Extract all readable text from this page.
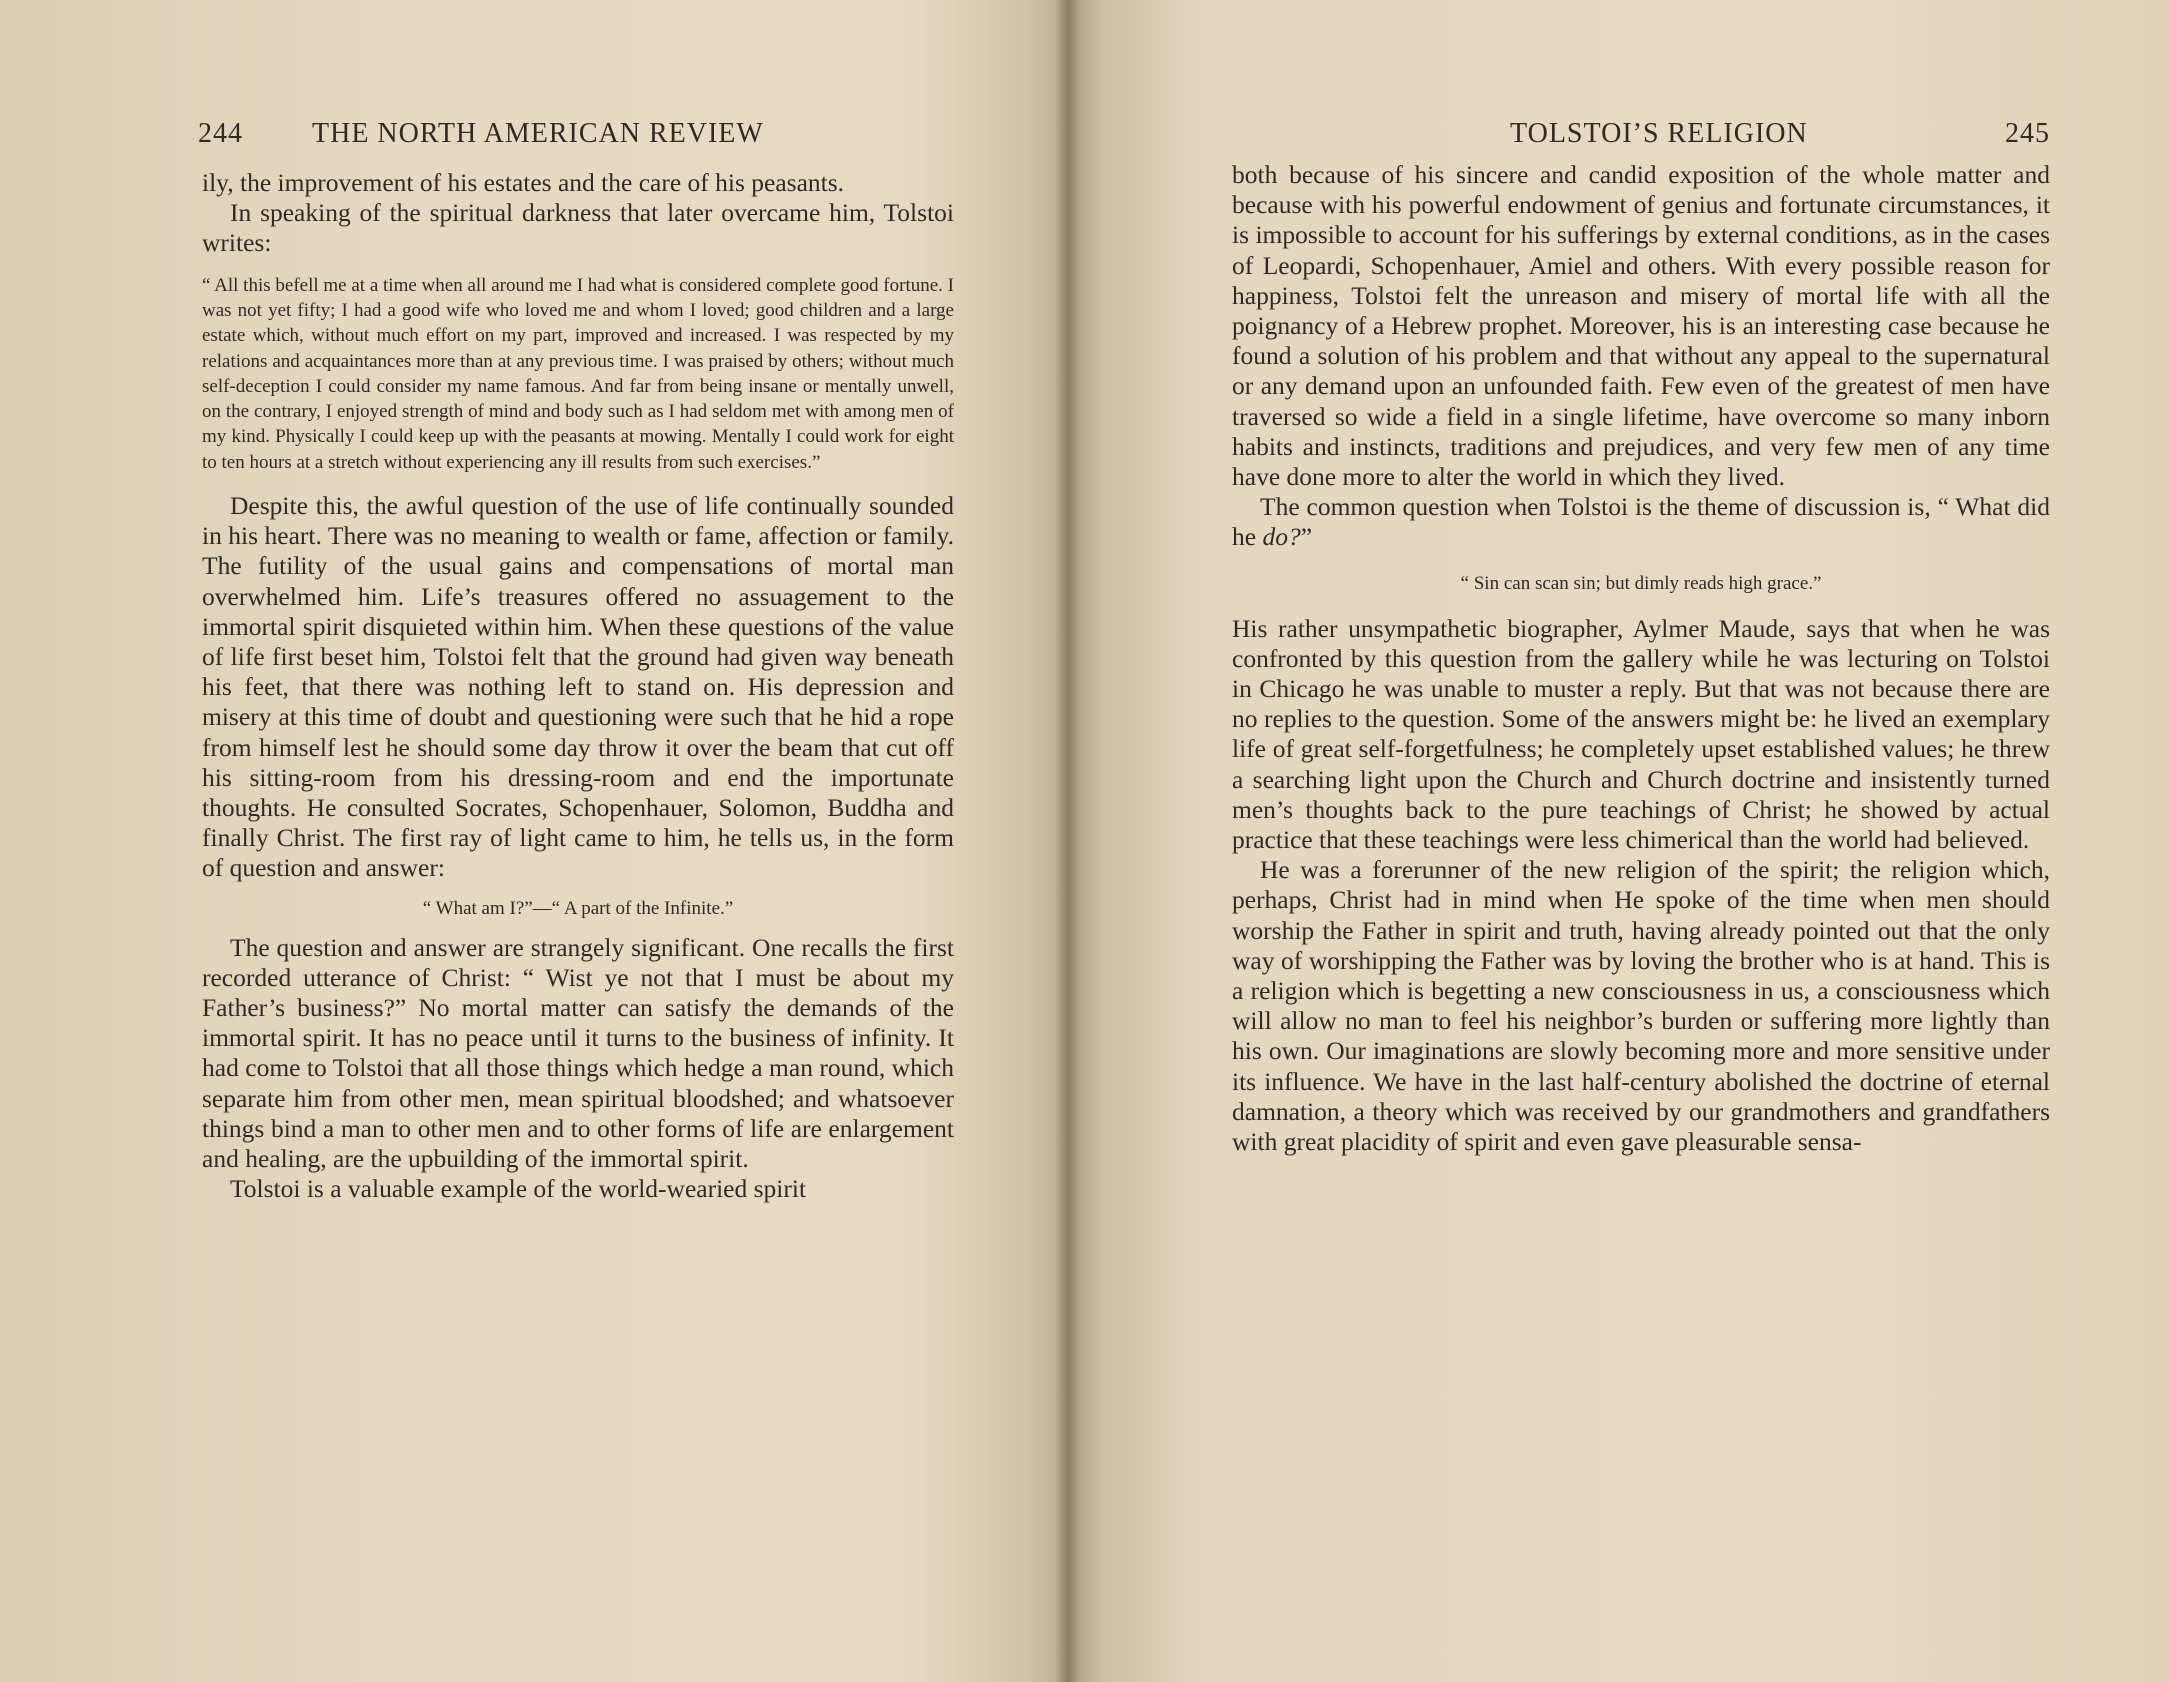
244 THE NORTH AMERICAN REVIEW

ily, the improvement of his estates and the care of his peasants.

In speaking of the spiritual darkness that later overcame him, Tolstoi writes:

“ All this befell me at a time when all around me I had what is considered complete good fortune. I was not yet fifty; I had a good wife who loved me and whom I loved; good children and a large estate which, without much effort on my part, improved and increased. I was respected by my relations and acquaintances more than at any previous time. I was praised by others; without much self-deception I could consider my name famous. And far from being insane or mentally unwell, on the contrary, I enjoyed strength of mind and body such as I had seldom met with among men of my kind. Physically I could keep up with the peasants at mowing. Mentally I could work for eight to ten hours at a stretch without experiencing any ill results from such exercises.”

Despite this, the awful question of the use of life continually sounded in his heart. There was no meaning to wealth or fame, affection or family. The futility of the usual gains and compensations of mortal man overwhelmed him. Life’s treasures offered no assuagement to the immortal spirit disquieted within him. When these questions of the value of life first beset him, Tolstoi felt that the ground had given way beneath his feet, that there was nothing left to stand on. His depression and misery at this time of doubt and questioning were such that he hid a rope from himself lest he should some day throw it over the beam that cut off his sitting-room from his dressing-room and end the importunate thoughts. He consulted Socrates, Schopenhauer, Solomon, Buddha and finally Christ. The first ray of light came to him, he tells us, in the form of question and answer:

“ What am I?”—“ A part of the Infinite.”

The question and answer are strangely significant. One recalls the first recorded utterance of Christ: “ Wist ye not that I must be about my Father’s business?” No mortal matter can satisfy the demands of the immortal spirit. It has no peace until it turns to the business of infinity. It had come to Tolstoi that all those things which hedge a man round, which separate him from other men, mean spiritual bloodshed; and whatsoever things bind a man to other men and to other forms of life are enlargement and healing, are the upbuilding of the immortal spirit.

Tolstoi is a valuable example of the world-wearied spirit

TOLSTOI’S RELIGION	245

both because of his sincere and candid exposition of the whole matter and because with his powerful endowment of genius and fortunate circumstances, it is impossible to account for his sufferings by external conditions, as in the cases of Leopardi, Schopenhauer, Amiel and others. With every possible reason for happiness, Tolstoi felt the unreason and misery of mortal life with all the poignancy of a Hebrew prophet. Moreover, his is an interesting case because he found a solution of his problem and that without any appeal to the supernatural or any demand upon an unfounded faith. Few even of the greatest of men have traversed so wide a field in a single lifetime, have overcome so many inborn habits and instincts, traditions and prejudices, and very few men of any time have done more to alter the world in which they lived.

The common question when Tolstoi is the theme of discussion is, “ What did he do?”

“ Sin can scan sin; but dimly reads high grace.”

His rather unsympathetic biographer, Aylmer Maude, says that when he was confronted by this question from the gallery while he was lecturing on Tolstoi in Chicago he was unable to muster a reply. But that was not because there are no replies to the question. Some of the answers might be: he lived an exemplary life of great self-forgetfulness; he completely upset established values; he threw a searching light upon the Church and Church doctrine and insistently turned men’s thoughts back to the pure teachings of Christ; he showed by actual practice that these teachings were less chimerical than the world had believed.

He was a forerunner of the new religion of the spirit; the religion which, perhaps, Christ had in mind when He spoke of the time when men should worship the Father in spirit and truth, having already pointed out that the only way of worshipping the Father was by loving the brother who is at hand. This is a religion which is begetting a new consciousness in us, a consciousness which will allow no man to feel his neighbor’s burden or suffering more lightly than his own. Our imaginations are slowly becoming more and more sensitive under its influence. We have in the last half-century abolished the doctrine of eternal damnation, a theory which was received by our grandmothers and grandfathers with great placidity of spirit and even gave pleasurable sensa-
